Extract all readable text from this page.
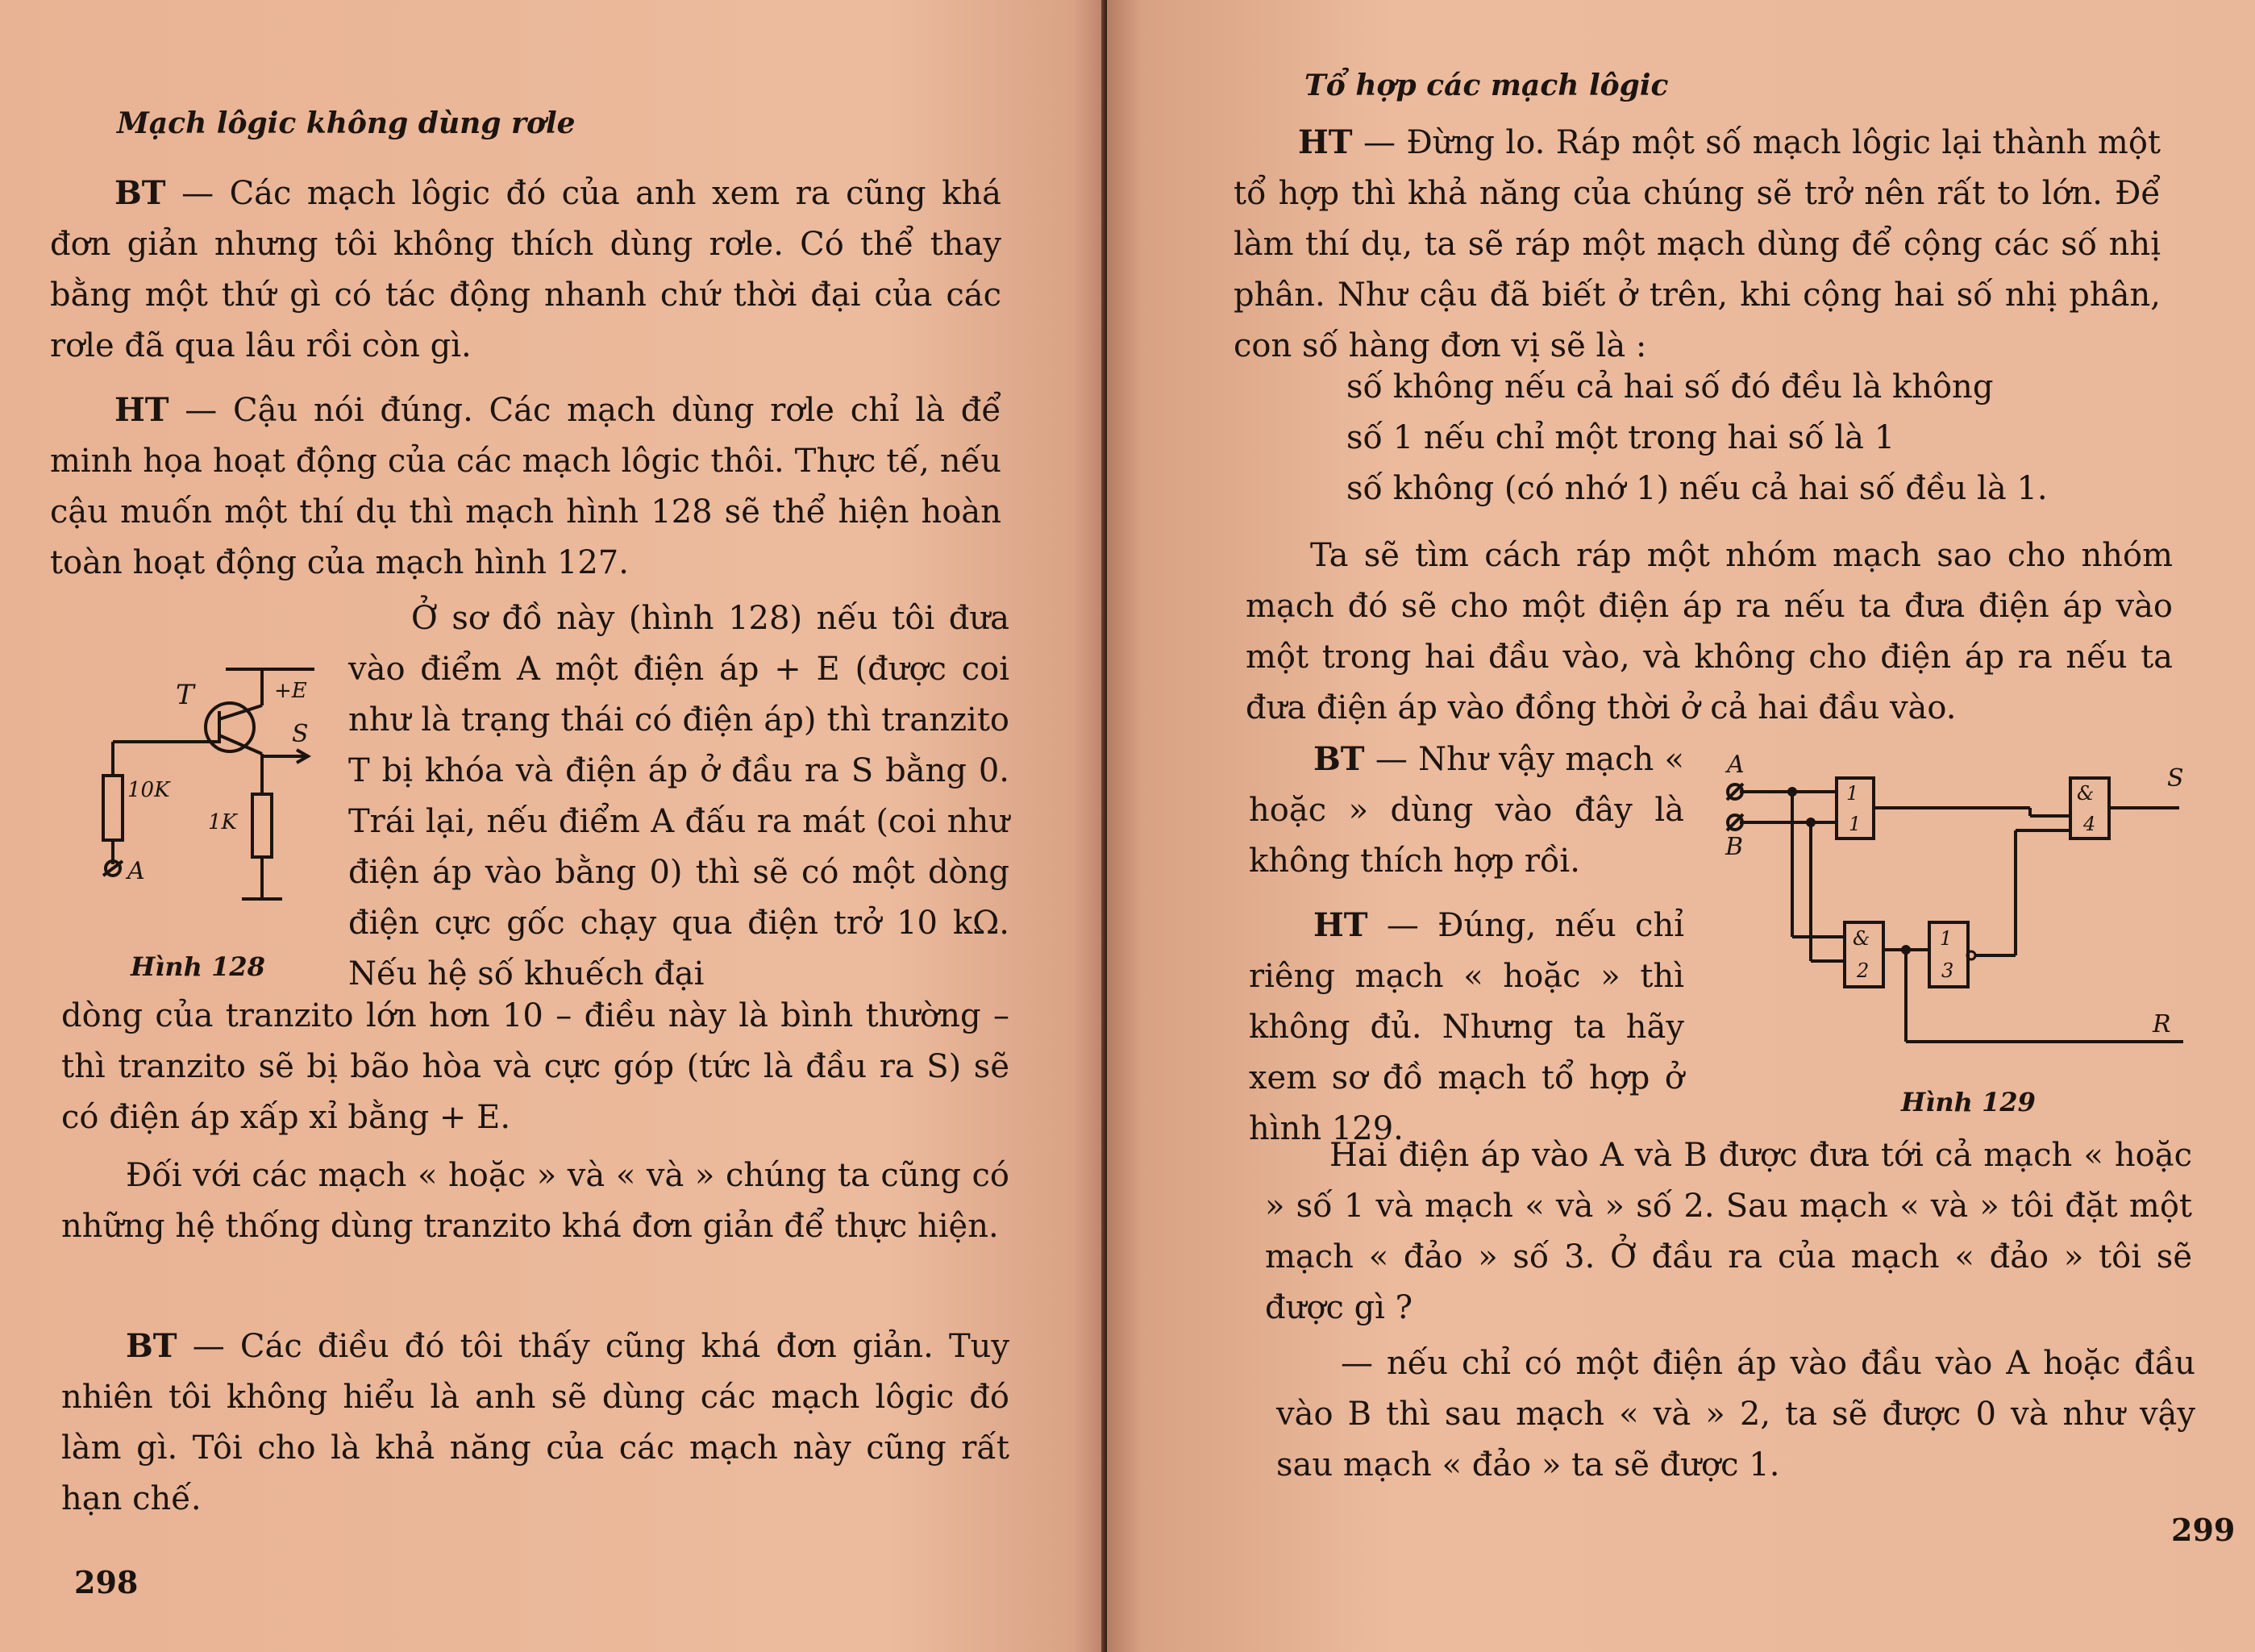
Mạch lôgic không dùng rơle

BT — Các mạch lôgic đó của anh xem ra cũng khá đơn giản nhưng tôi không thích dùng rơle. Có thể thay bằng một thứ gì có tác động nhanh chứ thời đại của các rơle đã qua lâu rồi còn gì.

HT — Cậu nói đúng. Các mạch dùng rơle chỉ là để minh họa hoạt động của các mạch lôgic thôi. Thực tế, nếu cậu muốn một thí dụ thì mạch hình 128 sẽ thể hiện hoàn toàn hoạt động của mạch hình 127.

T	+E
S
10K
1K
A
Hình 128
Ở sơ đồ này (hình 128) nếu tôi đưa vào điểm A một điện áp + E (được coi như là trạng thái có điện áp) thì tranzito T bị khóa và điện áp ở đầu ra S bằng 0. Trái lại, nếu điểm A đấu ra mát (coi như điện áp vào bằng 0) thì sẽ có một dòng điện cực gốc chạy qua điện trở 10 kΩ. Nếu hệ số khuếch đại
dòng của tranzito lớn hơn 10 – điều này là bình thường – thì tranzito sẽ bị bão hòa và cực góp (tức là đầu ra S) sẽ có điện áp xấp xỉ bằng + E.

Đối với các mạch « hoặc » và « và » chúng ta cũng có những hệ thống dùng tranzito khá đơn giản để thực hiện.

BT — Các điều đó tôi thấy cũng khá đơn giản. Tuy nhiên tôi không hiểu là anh sẽ dùng các mạch lôgic đó làm gì. Tôi cho là khả năng của các mạch này cũng rất hạn chế.

298
Tổ hợp các mạch lôgic

HT — Đừng lo. Ráp một số mạch lôgic lại thành một tổ hợp thì khả năng của chúng sẽ trở nên rất to lớn. Để làm thí dụ, ta sẽ ráp một mạch dùng để cộng các số nhị phân. Như cậu đã biết ở trên, khi cộng hai số nhị phân, con số hàng đơn vị sẽ là :

số không nếu cả hai số đó đều là không
số 1 nếu chỉ một trong hai số là 1
số không (có nhớ 1) nếu cả hai số đều là 1.

Ta sẽ tìm cách ráp một nhóm mạch sao cho nhóm mạch đó sẽ cho một điện áp ra nếu ta đưa điện áp vào một trong hai đầu vào, và không cho điện áp ra nếu ta đưa điện áp vào đồng thời ở cả hai đầu vào.

BT — Như vậy mạch « hoặc » dùng vào đây là không thích hợp rồi.

HT — Đúng, nếu chỉ riêng mạch « hoặc » thì không đủ. Nhưng ta hãy xem sơ đồ mạch tổ hợp ở hình 129.

A
B
S
R
1
1
&
2
1
3
&
4
Hình 129

Hai điện áp vào A và B được đưa tới cả mạch « hoặc » số 1 và mạch « và » số 2. Sau mạch « và » tôi đặt một mạch « đảo » số 3. Ở đầu ra của mạch « đảo » tôi sẽ được gì ?

— nếu chỉ có một điện áp vào đầu vào A hoặc đầu vào B thì sau mạch « và » 2, ta sẽ được 0 và như vậy sau mạch « đảo » ta sẽ được 1.

299
